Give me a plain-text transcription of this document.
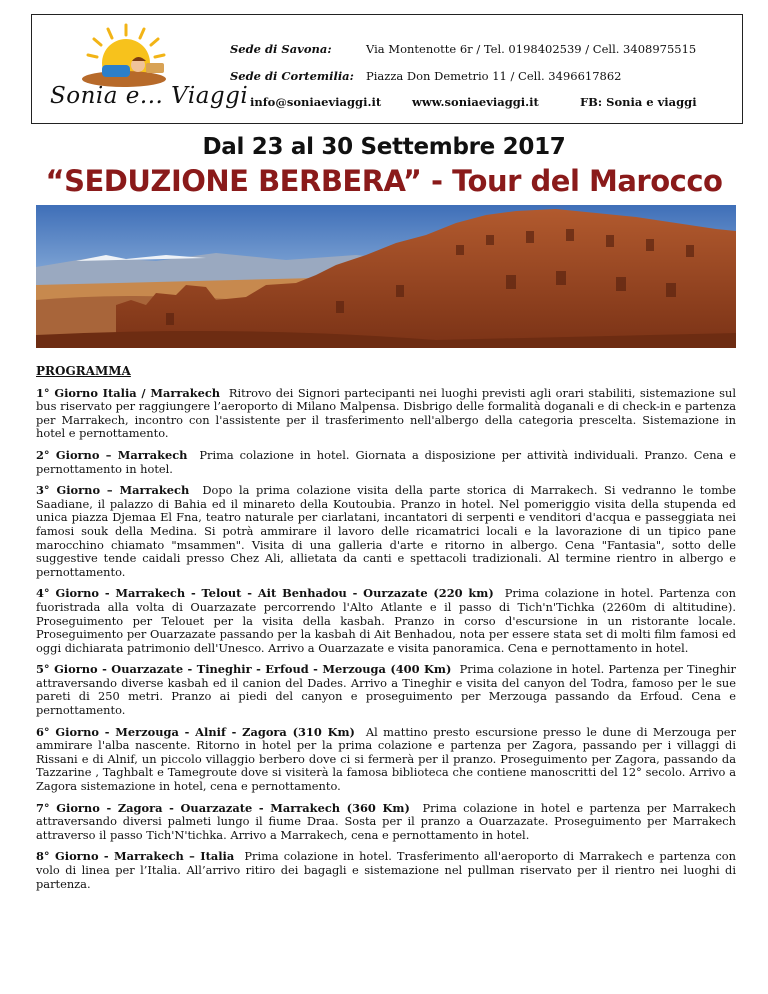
Sonia e... Viaggi
Sede di Savona:	Via Montenotte 6r / Tel. 0198402539 / Cell. 3408975515
Sede di Cortemilia: Piazza Don Demetrio 11 / Cell. 3496617862
info@soniaeviaggi.it	www.soniaeviaggi.it	FB: Sonia e viaggi
Dal 23 al 30 Settembre 2017
“SEDUZIONE BERBERA” - Tour del Marocco
PROGRAMMA
1° Giorno Italia / Marrakech Ritrovo dei Signori partecipanti nei luoghi previsti agli orari stabiliti, sistemazione sul bus riservato per raggiungere l’aeroporto di Milano Malpensa. Disbrigo delle formalità doganali e di check-in e partenza per Marrakech, incontro con l'assistente per il trasferimento nell'albergo della categoria prescelta. Sistemazione in hotel e pernottamento.
2° Giorno – Marrakech Prima colazione in hotel. Giornata a disposizione per attività individuali. Pranzo. Cena e pernottamento in hotel.
3° Giorno – Marrakech Dopo la prima colazione visita della parte storica di Marrakech. Si vedranno le tombe Saadiane, il palazzo di Bahia ed il minareto della Koutoubia. Pranzo in hotel. Nel pomeriggio visita della stupenda ed unica piazza Djemaa El Fna, teatro naturale per ciarlatani, incantatori di serpenti e venditori d'acqua e passeggiata nei famosi souk della Medina. Si potrà ammirare il lavoro delle ricamatrici locali e la lavorazione di un tipico pane marocchino chiamato "msammen". Visita di una galleria d'arte e ritorno in albergo. Cena "Fantasia", sotto delle suggestive tende caidali presso Chez Ali, allietata da canti e spettacoli tradizionali. Al termine rientro in albergo e pernottamento.
4° Giorno - Marrakech - Telout - Ait Benhadou - Ourzazate (220 km) Prima colazione in hotel. Partenza con fuoristrada alla volta di Ouarzazate percorrendo l'Alto Atlante e il passo di Tich'n'Tichka (2260m di altitudine). Proseguimento per Telouet per la visita della kasbah. Pranzo in corso d'escursione in un ristorante locale. Proseguimento per Ouarzazate passando per la kasbah di Ait Benhadou, nota per essere stata set di molti film famosi ed oggi dichiarata patrimonio dell'Unesco. Arrivo a Ouarzazate e visita panoramica. Cena e pernottamento in hotel.
5° Giorno - Ouarzazate - Tineghir - Erfoud - Merzouga (400 Km) Prima colazione in hotel. Partenza per Tineghir attraversando diverse kasbah ed il canion del Dades. Arrivo a Tineghir e visita del canyon del Todra, famoso per le sue pareti di 250 metri. Pranzo ai piedi del canyon e proseguimento per Merzouga passando da Erfoud. Cena e pernottamento.
6° Giorno - Merzouga - Alnif - Zagora (310 Km) Al mattino presto escursione presso le dune di Merzouga per ammirare l'alba nascente. Ritorno in hotel per la prima colazione e partenza per Zagora, passando per i villaggi di Rissani e di Alnif, un piccolo villaggio berbero dove ci si fermerà per il pranzo. Proseguimento per Zagora, passando da Tazzarine , Taghbalt e Tamegroute dove si visiterà la famosa biblioteca che contiene manoscritti del 12° secolo. Arrivo a Zagora sistemazione in hotel, cena e pernottamento.
7° Giorno - Zagora - Ouarzazate - Marrakech (360 Km) Prima colazione in hotel e partenza per Marrakech attraversando diversi palmeti lungo il fiume Draa. Sosta per il pranzo a Ouarzazate. Proseguimento per Marrakech attraverso il passo Tich'N'tichka. Arrivo a Marrakech, cena e pernottamento in hotel.
8° Giorno - Marrakech – Italia Prima colazione in hotel. Trasferimento all'aeroporto di Marrakech e partenza con volo di linea per l’Italia. All’arrivo ritiro dei bagagli e sistemazione nel pullman riservato per il rientro nei luoghi di partenza.
